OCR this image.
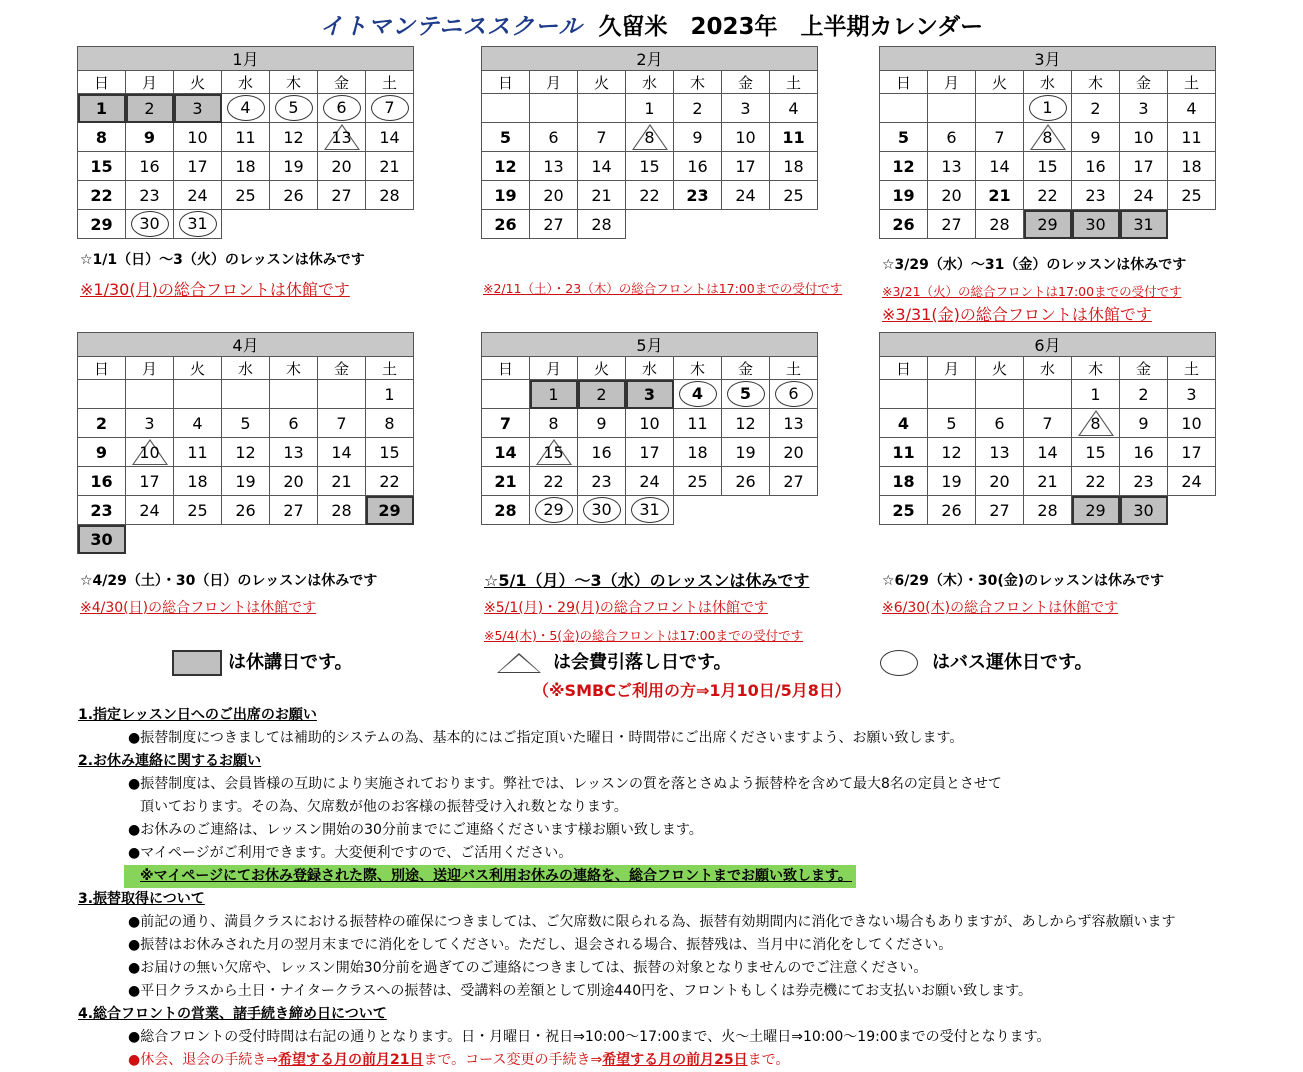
イトマンテニススクール 久留米　2023年　上半期カレンダー
1月						
日	月	火	水	木	金	土
1	2	3	4	5	6	7
8	9	10	11	12	13	14
15	16	17	18	19	20	21
22	23	24	25	26	27	28
29	30	31				
2月						
日	月	火	水	木	金	土
			1	2	3	4
5	6	7	8	9	10	11
12	13	14	15	16	17	18
19	20	21	22	23	24	25
26	27	28				
3月						
日	月	火	水	木	金	土
			1	2	3	4
5	6	7	8	9	10	11
12	13	14	15	16	17	18
19	20	21	22	23	24	25
26	27	28	29	30	31	
4月						
日	月	火	水	木	金	土
						1
2	3	4	5	6	7	8
9	10	11	12	13	14	15
16	17	18	19	20	21	22
23	24	25	26	27	28	29
30						
5月						
日	月	火	水	木	金	土
	1	2	3	4	5	6
7	8	9	10	11	12	13
14	15	16	17	18	19	20
21	22	23	24	25	26	27
28	29	30	31			
6月						
日	月	火	水	木	金	土
				1	2	3
4	5	6	7	8	9	10
11	12	13	14	15	16	17
18	19	20	21	22	23	24
25	26	27	28	29	30	
☆1/1（日）～3（火）のレッスンは休みです
※1/30(月)の総合フロントは休館です	※2/11（土）・23（木）の総合フロントは17:00までの受付です
☆3/29（水）～31（金）のレッスンは休みです
※3/21（火）の総合フロントは17:00までの受付です
※3/31(金)の総合フロントは休館です
☆4/29（土）・30（日）のレッスンは休みです
※4/30(日)の総合フロントは休館です
☆5/1（月）～3（水）のレッスンは休みです
※5/1(月)・29(月)の総合フロントは休館です
※5/4(木)・5(金)の総合フロントは17:00までの受付です
☆6/29（木）・30(金)のレッスンは休みです
※6/30(木)の総合フロントは休館です
は休講日です。	は会費引落し日です。	はバス運休日です。
（※SMBCご利用の方⇒1月10日/5月8日）
1.指定レッスン日へのご出席のお願い
●振替制度につきましては補助的システムの為、基本的にはご指定頂いた曜日・時間帯にご出席くださいますよう、お願い致します。
2.お休み連絡に関するお願い
●振替制度は、会員皆様の互助により実施されております。弊社では、レッスンの質を落とさぬよう振替枠を含めて最大8名の定員とさせて
頂いております。その為、欠席数が他のお客様の振替受け入れ数となります。
●お休みのご連絡は、レッスン開始の30分前までにご連絡くださいます様お願い致します。
●マイページがご利用できます。大変便利ですので、ご活用ください。
※マイページにてお休み登録された際、別途、送迎バス利用お休みの連絡を、総合フロントまでお願い致します。
3.振替取得について
●前記の通り、満員クラスにおける振替枠の確保につきましては、ご欠席数に限られる為、振替有効期間内に消化できない場合もありますが、あしからず容赦願います
●振替はお休みされた月の翌月末までに消化をしてください。ただし、退会される場合、振替残は、当月中に消化をしてください。
●お届けの無い欠席や、レッスン開始30分前を過ぎてのご連絡につきましては、振替の対象となりませんのでご注意ください。
●平日クラスから土日・ナイタークラスへの振替は、受講料の差額として別途440円を、フロントもしくは券売機にてお支払いお願い致します。
4.総合フロントの営業、諸手続き締め日について
●総合フロントの受付時間は右記の通りとなります。日・月曜日・祝日⇒10:00～17:00まで、火～土曜日⇒10:00～19:00までの受付となります。
●休会、退会の手続き⇒希望する月の前月21日まで。コース変更の手続き⇒希望する月の前月25日まで。
